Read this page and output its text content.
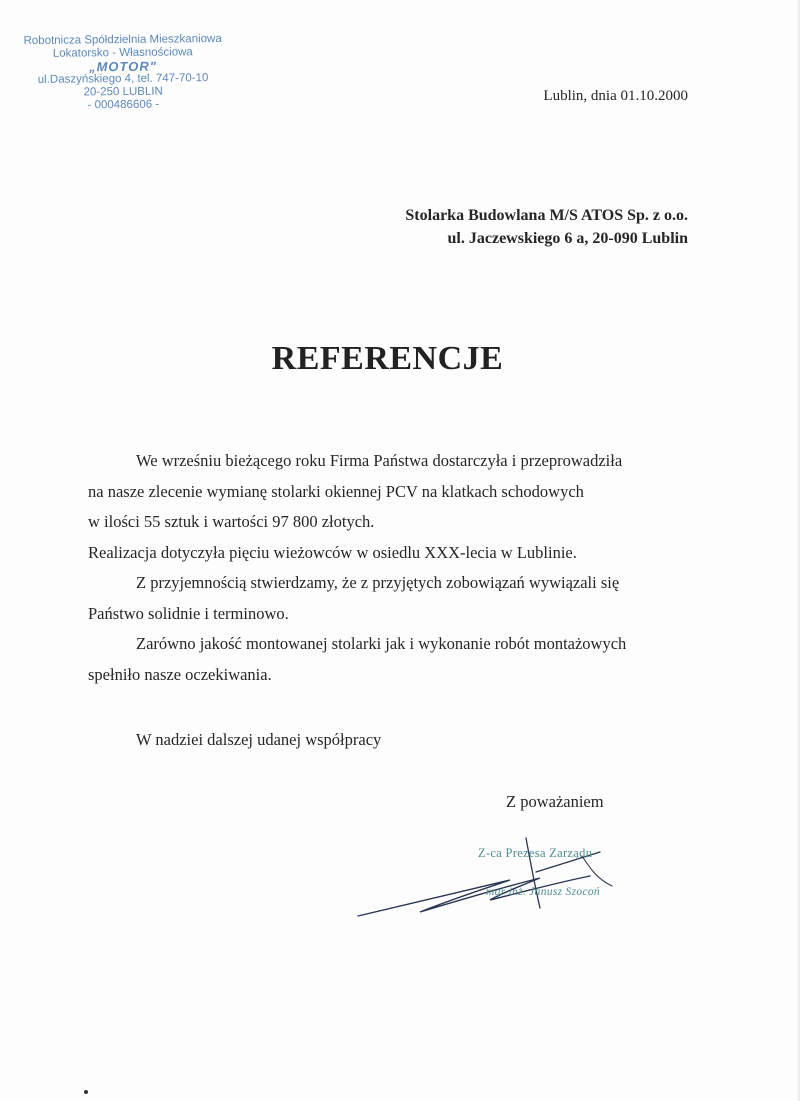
Robotnicza Spółdzielnia Mieszkaniowa
Lokatorsko - Własnościowa
„MOTOR"
ul.Daszyńskiego 4, tel. 747-70-10
20-250 LUBLIN
- 000486606 -
Lublin, dnia 01.10.2000
Stolarka Budowlana M/S ATOS Sp. z o.o.
ul. Jaczewskiego 6 a, 20-090 Lublin
REFERENCJE

We wrześniu bieżącego roku Firma Państwa dostarczyła i przeprowadziła

na nasze zlecenie wymianę stolarki okiennej PCV na klatkach schodowych

w ilości 55 sztuk i wartości 97 800 złotych.

Realizacja dotyczyła pięciu wieżowców w osiedlu XXX-lecia w Lublinie.

Z przyjemnością stwierdzamy, że z przyjętych zobowiązań wywiązali się

Państwo solidnie i terminowo.

Zarówno jakość montowanej stolarki jak i wykonanie robót montażowych

spełniło nasze oczekiwania.

W nadziei dalszej udanej współpracy
Z poważaniem
Z-ca Prezesa Zarządu
mgr inż. Janusz Szocoń
